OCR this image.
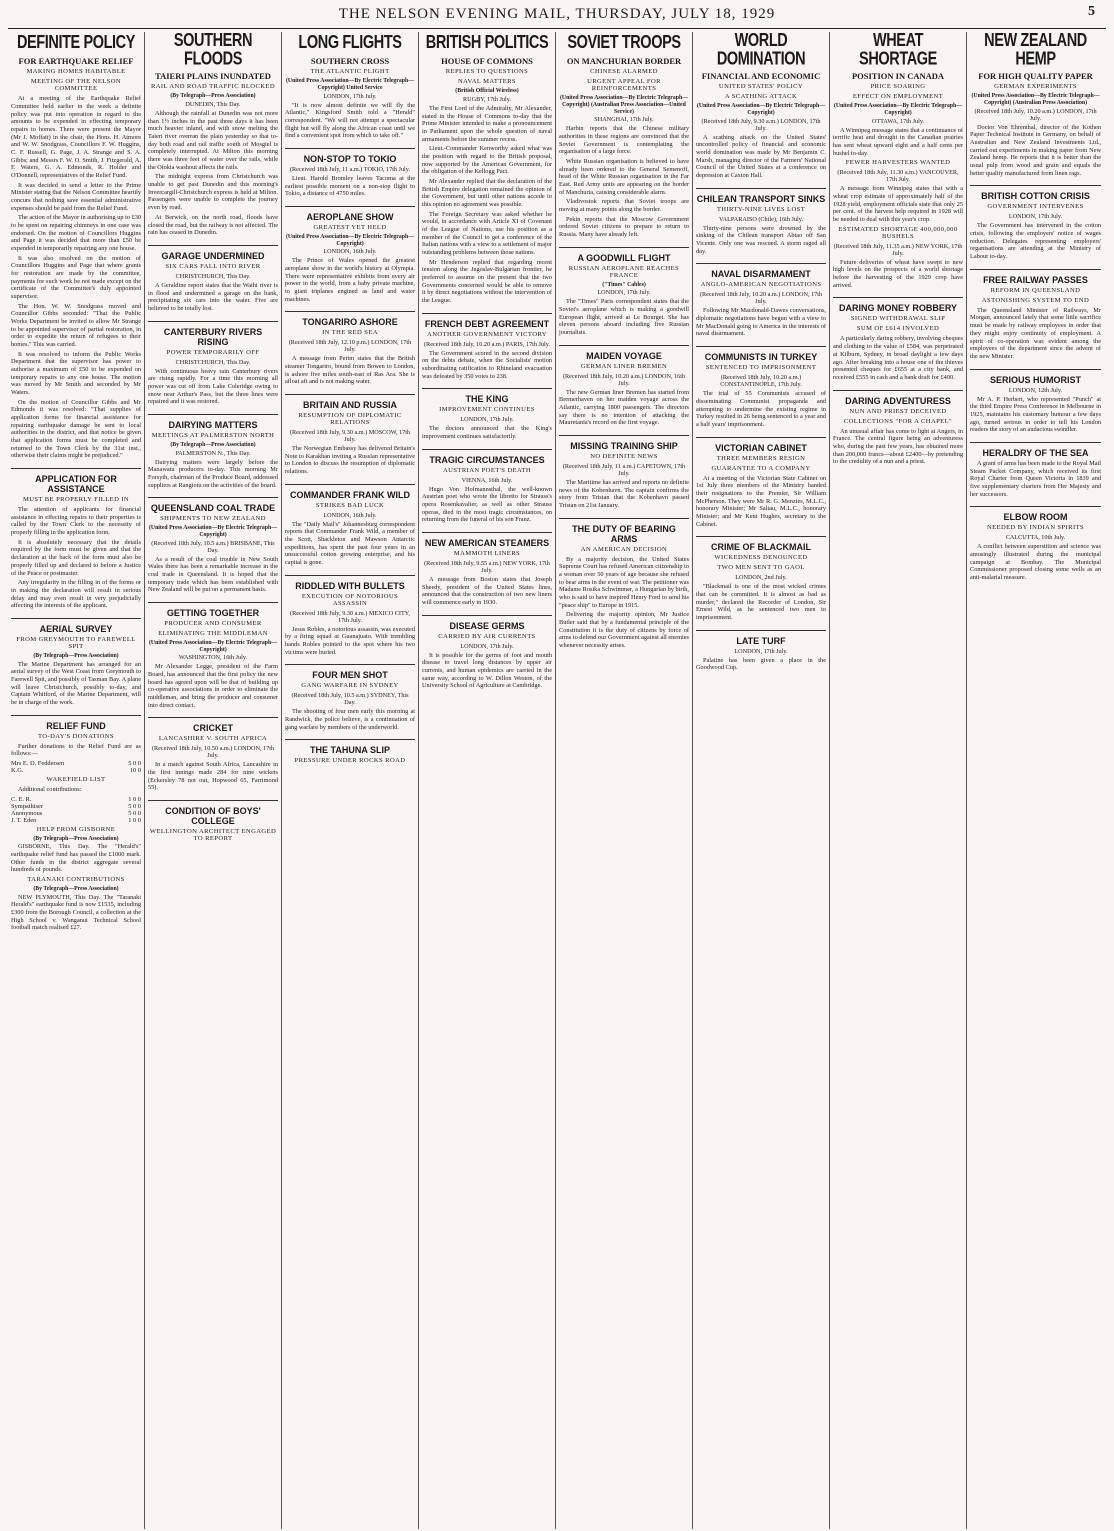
THE NELSON EVENING MAIL, THURSDAY, JULY 18, 1929	5
DEFINITE POLICY
FOR EARTHQUAKE RELIEF
MAKING HOMES HABITABLE
MEETING OF THE NELSON COMMITTEE
At a meeting of the Earthquake Relief Committee held earlier in the week a definite policy was put into operation in regard to the amounts to be expended in effecting temporary repairs to homes. There were present the Mayor (Mr J. Moffatt) in the chair, the Hons. H. Atmore and W. W. Snodgrass, Councillors F. W. Huggins, C. F. Russell, G. Page, J. A. Strange and S. A. Gibbs; and Messrs F. W. O. Smith, J. Fitzgerald, A. F. Waters, G. A. Edmonds, R. Holder and O'Donnell, representatives of the Relief Fund.
It was decided to send a letter to the Prime Minister stating that the Nelson Committee heartily concurs that nothing save essential administrative expenses should be paid from the Relief Fund.
The action of the Mayor in authorising up to £30 to be spent on repairing chimneys in one case was endorsed. On the motion of Councillors Huggins and Page it was decided that more than £50 be expended in temporarily repairing any one house.
It was also resolved on the motion of Councillors Huggins and Page that where grants for restoration are made by the committee, payments for such work be not made except on the certificate of the Committee's duly appointed supervisor.
The Hon. W. W. Snodgrass moved and Councillor Gibbs seconded: "That the Public Works Department be invited to allow Mr Strange to be appointed supervisor of partial restoration, in order to expedite the return of refugees to their homes." This was carried.
It was resolved to inform the Public Works Department that the supervisor has power to authorise a maximum of £50 to be expended on temporary repairs to any one house. The motion was moved by Mr Smith and seconded by Mr Waters.
On the motion of Councillor Gibbs and Mr Edmonds it was resolved: "That supplies of application forms for financial assistance for repairing earthquake damage be sent to local authorities in the district, and that notice be given that application forms must be completed and returned to the Town Clerk by the 31st inst., otherwise their claims might be prejudiced."
APPLICATION FOR ASSISTANCE
MUST BE PROPERLY FILLED IN
The attention of applicants for financial assistance in effecting repairs to their properties is called by the Town Clerk to the necessity of properly filling in the application form.
It is absolutely necessary that the details required by the form must be given and that the declaration at the back of the form must also be properly filled up and declared to before a Justice of the Peace or postmaster.
Any irregularity in the filling in of the forms or in making the declaration will result in serious delay and may even result in very prejudicially affecting the interests of the applicant.
AERIAL SURVEY
FROM GREYMOUTH TO FAREWELL SPIT
(By Telegraph—Press Association)
The Marine Department has arranged for an aerial survey of the West Coast from Greymouth to Farewell Spit, and possibly of Tasman Bay. A plane will leave Christchurch, possibly to-day, and Captain Whitford, of the Marine Department, will be in charge of the work.
RELIEF FUND
TO-DAY'S DONATIONS
Further donations to the Relief Fund are as follows:—
Mrs E. D. Feddersen	5 0 0
K.G.	10 0
WAKEFIELD LIST
Additional contributions:
C. E. R.	1 0 0
Sympathiser	5 0 0
Anonymous	5 0 0
J. T. Eden	1 0 0
HELP FROM GISBORNE
(By Telegraph—Press Association)
GISBORNE, This Day. The "Herald's" earthquake relief fund has passed the £1000 mark. Other funds in the district aggregate several hundreds of pounds.
TARANAKI CONTRIBUTIONS
(By Telegraph—Press Association)
NEW PLYMOUTH, This Day. The "Taranaki Herald's" earthquake fund is now £1535, including £300 from the Borough Council, a collection at the High School v. Wanganui Technical School football match realised £27.
SOUTHERN FLOODS
TAIERI PLAINS INUNDATED
RAIL AND ROAD TRAFFIC BLOCKED
(By Telegraph—Press Association)
DUNEDIN, This Day.
Although the rainfall at Dunedin was not more than 1½ inches in the past three days it has been much heavier inland, and with snow melting the Taieri river overran the plain yesterday so that to-day both road and rail traffic south of Mosgiel is completely interrupted. At Milton this morning there was three feet of water over the rails, while the Otokia washout affects the rails.
The midnight express from Christchurch was unable to get past Dunedin and this morning's Invercargill-Christchurch express is held at Milton. Passengers were unable to complete the journey even by road.
At Berwick, on the north road, floods have closed the road, but the railway is not affected. The rain has ceased in Dunedin.
GARAGE UNDERMINED
SIX CARS FALL INTO RIVER
CHRISTCHURCH, This Day.
A Geraldine report states that the Waihi river is in flood and undermined a garage on the bank, precipitating six cars into the water. Five are believed to be totally lost.
CANTERBURY RIVERS RISING
POWER TEMPORARILY OFF
CHRISTCHURCH, This Day.
With continuous heavy rain Canterbury rivers are rising rapidly. For a time this morning all power was cut off from Lake Coleridge owing to snow near Arthur's Pass, but the three lines were repaired and it was restored.
DAIRYING MATTERS
MEETINGS AT PALMERSTON NORTH
(By Telegraph—Press Association)
PALMERSTON N., This Day.
Dairying matters were largely before the Manawatu producers to-day. This morning Mr Forsyth, chairman of the Produce Board, addressed suppliers at Rangiotu on the activities of the board.
QUEENSLAND COAL TRADE
SHIPMENTS TO NEW ZEALAND
(United Press Association—By Electric Telegraph—Copyright)
(Received 18th July, 10.5 a.m.) BRISBANE, This Day.
As a result of the coal trouble in New South Wales there has been a remarkable increase in the coal trade in Queensland. It is hoped that the temporary trade which has been established with New Zealand will be put on a permanent basis.
GETTING TOGETHER
PRODUCER AND CONSUMER
ELIMINATING THE MIDDLEMAN
(United Press Association—By Electric Telegraph—Copyright)
WASHINGTON, 16th July.
Mr Alexander Legge, president of the Farm Board, has announced that the first policy the new board has agreed upon will be that of building up co-operative associations in order to eliminate the middleman, and bring the producer and consumer into direct contact.
CRICKET
LANCASHIRE V. SOUTH AFRICA
(Received 18th July, 10.50 a.m.) LONDON, 17th July.
In a match against South Africa, Lancashire in the first innings made 284 for nine wickets (Eckersley 78 not out, Hopwood 65, Farrimond 55).
CONDITION OF BOYS' COLLEGE
WELLINGTON ARCHITECT ENGAGED TO REPORT
LONG FLIGHTS
SOUTHERN CROSS
THE ATLANTIC FLIGHT
(United Press Association—By Electric Telegraph—Copyright) United Service
LONDON, 17th July.
"It is now almost definite we will fly the Atlantic," Kingsford Smith told a "Herald" correspondent. "We will not attempt a spectacular flight but will fly along the African coast until we find a convenient spot from which to take off."
NON-STOP TO TOKIO
(Received 18th July, 11 a.m.) TOKIO, 17th July.
Lieut. Harold Bromley leaves Tacoma at the earliest possible moment on a non-stop flight to Tokio, a distance of 4750 miles.
AEROPLANE SHOW
GREATEST YET HELD
(United Press Association—By Electric Telegraph—Copyright)
LONDON, 16th July.
The Prince of Wales opened the greatest aeroplane show in the world's history at Olympia. There were representative exhibits from every air power in the world, from a baby private machine, to giant triplanes engined as land and water machines.
TONGARIRO ASHORE
IN THE RED SEA
(Received 18th July, 12.10 p.m.) LONDON, 17th July.
A message from Perim states that the British steamer Tongariro, bound from Bowen to London, is ashore five miles south-east of Ras Ara. She is afloat aft and is not making water.
BRITAIN AND RUSSIA
RESUMPTION OF DIPLOMATIC RELATIONS
(Received 18th July, 9.30 a.m.) MOSCOW, 17th July.
The Norwegian Embassy has delivered Britain's Note to Karakhan inviting a Russian representative to London to discuss the resumption of diplomatic relations.
COMMANDER FRANK WILD
STRIKES BAD LUCK
LONDON, 16th July.
The "Daily Mail's" Johannesburg correspondent reports that Commander Frank Wild, a member of the Scott, Shackleton and Mawson Antarctic expeditions, has spent the past four years in an unsuccessful cotton growing enterprise, and his capital is gone.
RIDDLED WITH BULLETS
EXECUTION OF NOTORIOUS ASSASSIN
(Received 18th July, 9.30 a.m.) MEXICO CITY, 17th July.
Jesus Robles, a notorious assassin, was executed by a firing squad at Guanajuato. With trembling hands Robles pointed to the spot where his two victims were buried.
FOUR MEN SHOT
GANG WARFARE IN SYDNEY
(Received 18th July, 10.5 a.m.) SYDNEY, This Day.
The shooting of four men early this morning at Randwick, the police believe, is a continuation of gang warfare by members of the underworld.
THE TAHUNA SLIP
PRESSURE UNDER ROCKS ROAD
BRITISH POLITICS
HOUSE OF COMMONS
REPLIES TO QUESTIONS
NAVAL MATTERS
(British Official Wireless)
RUGBY, 17th July.
The First Lord of the Admiralty, Mr Alexander, stated in the House of Commons to-day that the Prime Minister intended to make a pronouncement in Parliament upon the whole question of naval armaments before the summer recess.
Lieut.-Commander Kenworthy asked what was the position with regard to the British proposal, now supported by the American Government, for the obligation of the Kellogg Pact.
Mr Alexander replied that the declaration of the British Empire delegation remained the opinion of the Government, but until other nations accede to this opinion no agreement was possible.
The Foreign Secretary was asked whether he would, in accordance with Article XI of Covenant of the League of Nations, use his position as a member of the Council to get a conference of the Italian nations with a view to a settlement of major outstanding problems between those nations.
Mr Henderson replied that regarding recent tension along the Jugoslav-Bulgarian frontier, he preferred to assume on the present that the two Governments concerned would be able to remove it by direct negotiations without the intervention of the League.
FRENCH DEBT AGREEMENT
ANOTHER GOVERNMENT VICTORY
(Received 18th July, 10.20 a.m.) PARIS, 17th July.
The Government scored in the second division on the debts debate, when the Socialists' motion subordinating ratification to Rhineland evacuation was defeated by 350 votes to 238.
THE KING
IMPROVEMENT CONTINUES
LONDON, 17th July.
The doctors announced that the King's improvement continues satisfactorily.
TRAGIC CIRCUMSTANCES
AUSTRIAN POET'S DEATH
VIENNA, 16th July.
Hugo Von Hofmannsthal, the well-known Austrian poet who wrote the libretto for Strauss's opera Rosenkavalier, as well as other Strauss operas, died in the most tragic circumstances, on returning from the funeral of his son Franz.
NEW AMERICAN STEAMERS
MAMMOTH LINERS
(Received 18th July, 9.55 a.m.) NEW YORK, 17th July.
A message from Boston states that Joseph Sheedy, president of the United States lines, announced that the construction of two new liners will commence early in 1930.
DISEASE GERMS
CARRIED BY AIR CURRENTS
LONDON, 17th July.
It is possible for the germs of foot and mouth disease to travel long distances by upper air currents, and human epidemics are carried in the same way, according to W. Dillon Weston, of the University School of Agriculture at Cambridge.
SOVIET TROOPS
ON MANCHURIAN BORDER
CHINESE ALARMED
URGENT APPEAL FOR REINFORCEMENTS
(United Press Association—By Electric Telegraph—Copyright) (Australian Press Association—United Service)
SHANGHAI, 17th July.
Harbin reports that the Chinese military authorities in these regions are convinced that the Soviet Government is contemplating the organisation of a large force.
White Russian organisation is believed to have already been ordered to the General Semenoff, head of the White Russian organisation in the Far East. Red Army units are appearing on the border of Manchuria, causing considerable alarm.
Vladivostok reports that Soviet troops are moving at many points along the border.
Pekin reports that the Moscow Government ordered Soviet citizens to prepare to return to Russia. Many have already left.
A GOODWILL FLIGHT
RUSSIAN AEROPLANE REACHES FRANCE
("Times" Cables)
LONDON, 17th July.
The "Times" Paris correspondent states that the Soviet's aeroplane which is making a goodwill European flight, arrived at Le Bourget. She has eleven persons aboard including five Russian journalists.
MAIDEN VOYAGE
GERMAN LINER BREMEN
(Received 18th July, 10.20 a.m.) LONDON, 16th July.
The new German liner Bremen has started from Bremerhaven on her maiden voyage across the Atlantic, carrying 1800 passengers. The directors say there is no intention of attacking the Mauretania's record on the first voyage.
MISSING TRAINING SHIP
NO DEFINITE NEWS
(Received 18th July, 11 a.m.) CAPETOWN, 17th July.
The Maritime has arrived and reports no definite news of the Kobenhavn. The captain confirms the story from Tristan that the Kobenhavn passed Tristan on 21st January.
THE DUTY OF BEARING ARMS
AN AMERICAN DECISION
By a majority decision, the United States Supreme Court has refused American citizenship to a woman over 50 years of age because she refused to bear arms in the event of war. The petitioner was Madame Rosika Schwimmer, a Hungarian by birth, who is said to have inspired Henry Ford to send his "peace ship" to Europe in 1915.
Delivering the majority opinion, Mr Justice Butler said that by a fundamental principle of the Constitution it is the duty of citizens by force of arms to defend our Government against all enemies whenever necessity arises.
WORLD DOMINATION
FINANCIAL AND ECONOMIC
UNITED STATES' POLICY
A SCATHING ATTACK
(United Press Association—By Electric Telegraph—Copyright)
(Received 18th July, 9.30 a.m.) LONDON, 17th July.
A scathing attack on the United States' uncontrolled policy of financial and economic world domination was made by Mr Benjamin C. Marsh, managing director of the Farmers' National Council of the United States at a conference on depression at Caxton Hall.
CHILEAN TRANSPORT SINKS
THIRTY-NINE LIVES LOST
VALPARAISO (Chile), 16th July.
Thirty-nine persons were drowned by the sinking of the Chilean transport Abtao off San Vicente. Only one was rescued. A storm raged all day.
NAVAL DISARMAMENT
ANGLO-AMERICAN NEGOTIATIONS
(Received 18th July, 10.20 a.m.) LONDON, 17th July.
Following Mr Macdonald-Dawes conversations, diplomatic negotiations have begun with a view to Mr MacDonald going to America in the interests of naval disarmament.
COMMUNISTS IN TURKEY
SENTENCED TO IMPRISONMENT
(Received 18th July, 10.20 a.m.) CONSTANTINOPLE, 17th July.
The trial of 55 Communists accused of disseminating Communist propaganda and attempting to undermine the existing regime in Turkey resulted in 26 being sentenced to a year and a half years' imprisonment.
VICTORIAN CABINET
THREE MEMBERS RESIGN
GUARANTEE TO A COMPANY
At a meeting of the Victorian State Cabinet on 1st July three members of the Ministry handed their resignations to the Premier, Sir William McPherson. They were Mr R. G. Menzies, M.L.C., honorary Minister; Mr Saltau, M.L.C., honorary Minister; and Mr Kent Hughes, secretary to the Cabinet.
CRIME OF BLACKMAIL
WICKEDNESS DENOUNCED
TWO MEN SENT TO GAOL
LONDON, 2nd July.
"Blackmail is one of the most wicked crimes that can be committed. It is almost as bad as murder," declared the Recorder of London, Sir Ernest Wild, as he sentenced two men to imprisonment.
LATE TURF
LONDON, 17th July.
Palatine has been given a place in the Goodwood Cup.
WHEAT SHORTAGE
POSITION IN CANADA
PRICE SOARING
EFFECT ON EMPLOYMENT
(United Press Association—By Electric Telegraph—Copyright)
OTTAWA, 17th July.
A Winnipeg message states that a continuance of terrific heat and drought in the Canadian prairies has sent wheat upward eight and a half cents per bushel to-day.
FEWER HARVESTERS WANTED
(Received 18th July, 11.30 a.m.) VANCOUVER, 17th July.
A message from Winnipeg states that with a wheat crop estimate of approximately half of the 1928 yield, employment officials state that only 25 per cent. of the harvest help required in 1928 will be needed to deal with this year's crop.
ESTIMATED SHORTAGE 400,000,000 BUSHELS
(Received 18th July, 11.35 a.m.) NEW YORK, 17th July.
Future deliveries of wheat have swept to new high levels on the prospects of a world shortage before the harvesting of the 1929 crop have arrived.
DARING MONEY ROBBERY
SIGNED WITHDRAWAL SLIP
SUM OF £614 INVOLVED
A particularly daring robbery, involving cheques and clothing to the value of £584, was perpetrated at Kilburn, Sydney, in broad daylight a few days ago. After breaking into a house one of the thieves presented cheques for £655 at a city bank, and received £555 in cash and a bank draft for £400.
DARING ADVENTURESS
NUN AND PRIEST DECEIVED
COLLECTIONS "FOR A CHAPEL"
An unusual affair has come to light at Angers, in France. The central figure being an adventuress who, during the past few years, has obtained more than 200,000 francs—about £2400—by pretending to the credulity of a nun and a priest.
NEW ZEALAND HEMP
FOR HIGH QUALITY PAPER
GERMAN EXPERIMENTS
(United Press Association—By Electric Telegraph—Copyright) (Australian Press Association)
(Received 18th July, 10.20 a.m.) LONDON, 17th July.
Doctor Von Ehrenthal, director of the Kothen Paper Technical Institute in Germany, on behalf of Australian and New Zealand Investments Ltd., carried out experiments in making paper from New Zealand hemp. He reports that it is better than the usual pulp from wood and grain and equals the better quality manufactured from linen rags.
BRITISH COTTON CRISIS
GOVERNMENT INTERVENES
LONDON, 17th July.
The Government has intervened in the cotton crisis, following the employers' notice of wages reduction. Delegates representing employers' organisations are attending at the Ministry of Labour to-day.
FREE RAILWAY PASSES
REFORM IN QUEENSLAND
ASTONISHING SYSTEM TO END
The Queensland Minister of Railways, Mr Morgan, announced lately that some little sacrifice must be made by railway employees in order that they might enjoy continuity of employment. A spirit of co-operation was evident among the employees of the department since the advent of the new Minister.
SERIOUS HUMORIST
LONDON, 12th July.
Mr A. P. Herbert, who represented "Punch" at the third Empire Press Conference in Melbourne in 1925, maintains his customary humour a few days ago, turned serious in order to tell his London readers the story of an audacious swindler.
HERALDRY OF THE SEA
A grant of arms has been made to the Royal Mail Steam Packet Company, which received its first Royal Charter from Queen Victoria in 1839 and five supplementary charters from Her Majesty and her successors.
ELBOW ROOM
NEEDED BY INDIAN SPIRITS
CALCUTTA, 10th July.
A conflict between superstition and science was amusingly illustrated during the municipal campaign at Bombay. The Municipal Commissioner proposed closing some wells as an anti-malarial measure.
